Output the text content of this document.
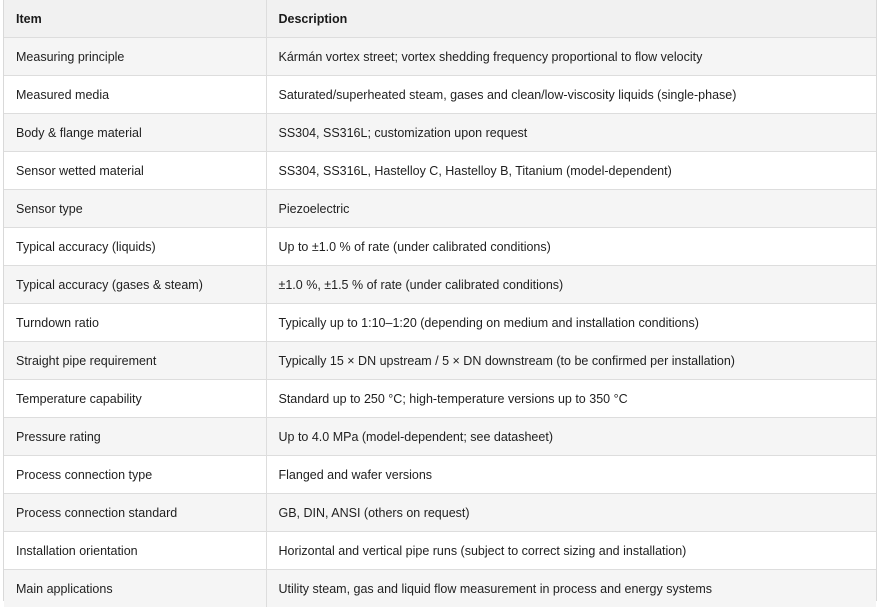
Item	Description
Measuring principle	Kármán vortex street; vortex shedding frequency proportional to flow velocity
Measured media	Saturated/superheated steam, gases and clean/low-viscosity liquids (single-phase)
Body & flange material	SS304, SS316L; customization upon request
Sensor wetted material	SS304, SS316L, Hastelloy C, Hastelloy B, Titanium (model-dependent)
Sensor type	Piezoelectric
Typical accuracy (liquids)	Up to ±1.0 % of rate (under calibrated conditions)
Typical accuracy (gases & steam)	±1.0 %, ±1.5 % of rate (under calibrated conditions)
Turndown ratio	Typically up to 1:10–1:20 (depending on medium and installation conditions)
Straight pipe requirement	Typically 15 × DN upstream / 5 × DN downstream (to be confirmed per installation)
Temperature capability	Standard up to 250 °C; high-temperature versions up to 350 °C
Pressure rating	Up to 4.0 MPa (model-dependent; see datasheet)
Process connection type	Flanged and wafer versions
Process connection standard	GB, DIN, ANSI (others on request)
Installation orientation	Horizontal and vertical pipe runs (subject to correct sizing and installation)
Main applications	Utility steam, gas and liquid flow measurement in process and energy systems
